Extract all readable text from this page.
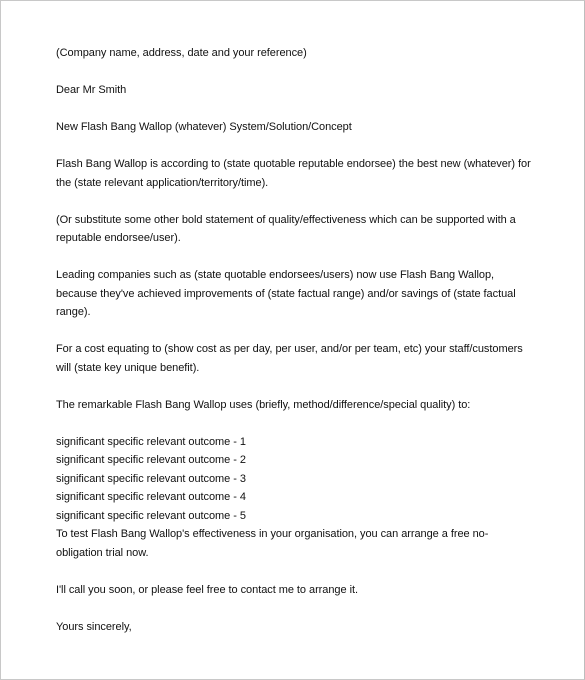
(Company name, address, date and your reference)

Dear Mr Smith

New Flash Bang Wallop (whatever) System/Solution/Concept

Flash Bang Wallop is according to (state quotable reputable endorsee) the best new (whatever) for the (state relevant application/territory/time).

(Or substitute some other bold statement of quality/effectiveness which can be supported with a reputable endorsee/user).

Leading companies such as (state quotable endorsees/users) now use Flash Bang Wallop, because they've achieved improvements of (state factual range) and/or savings of (state factual range).

For a cost equating to (show cost as per day, per user, and/or per team, etc) your staff/customers will (state key unique benefit).

The remarkable Flash Bang Wallop uses (briefly, method/difference/special quality) to:

significant specific relevant outcome - 1
significant specific relevant outcome - 2
significant specific relevant outcome - 3
significant specific relevant outcome - 4
significant specific relevant outcome - 5

To test Flash Bang Wallop's effectiveness in your organisation, you can arrange a free no-obligation trial now.

I'll call you soon, or please feel free to contact me to arrange it.

Yours sincerely,
